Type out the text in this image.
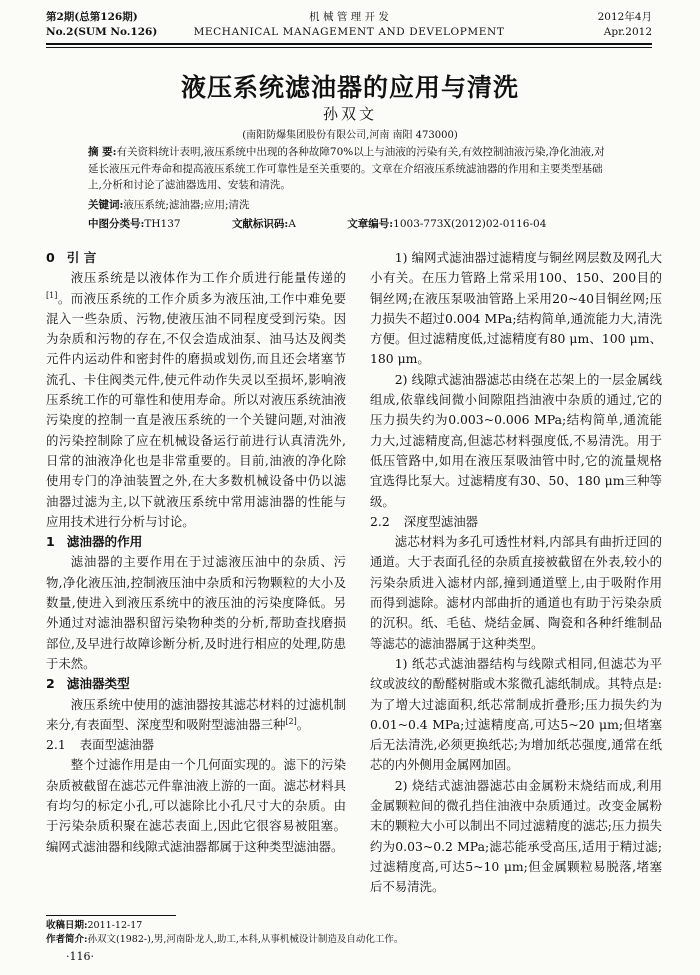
第2期(总第126期)
No.2(SUM No.126)
机 械 管 理 开 发
MECHANICAL MANAGEMENT AND DEVELOPMENT
2012年4月
Apr.2012
液压系统滤油器的应用与清洗
孙双文
(南阳防爆集团股份有限公司,河南 南阳 473000)
摘 要:有关资料统计表明,液压系统中出现的各种故障70%以上与油液的污染有关,有效控制油液污染,净化油液,对延长液压元件寿命和提高液压系统工作可靠性是至关重要的。文章在介绍液压系统滤油器的作用和主要类型基础上,分析和讨论了滤油器选用、安装和清洗。
关键词:液压系统;滤油器;应用;清洗
中图分类号:TH137	文献标识码:A	文章编号:1003-773X(2012)02-0116-04
0 引 言

液压系统是以液体作为工作介质进行能量传递的[1]。而液压系统的工作介质多为液压油,工作中难免要混入一些杂质、污物,使液压油不同程度受到污染。因为杂质和污物的存在,不仅会造成油泵、油马达及阀类元件内运动件和密封件的磨损或划伤,而且还会堵塞节流孔、卡住阀类元件,使元件动作失灵以至损坏,影响液压系统工作的可靠性和使用寿命。所以对液压系统油液污染度的控制一直是液压系统的一个关键问题,对油液的污染控制除了应在机械设备运行前进行认真清洗外,日常的油液净化也是非常重要的。目前,油液的净化除使用专门的净油装置之外,在大多数机械设备中仍以滤油器过滤为主,以下就液压系统中常用滤油器的性能与应用技术进行分析与讨论。

1 滤油器的作用

滤油器的主要作用在于过滤液压油中的杂质、污物,净化液压油,控制液压油中杂质和污物颗粒的大小及数量,使进入到液压系统中的液压油的污染度降低。另外通过对滤油器积留污染物种类的分析,帮助查找磨损部位,及早进行故障诊断分析,及时进行相应的处理,防患于未然。

2 滤油器类型

液压系统中使用的滤油器按其滤芯材料的过滤机制来分,有表面型、深度型和吸附型滤油器三种[2]。

2.1 表面型滤油器

整个过滤作用是由一个几何面实现的。滤下的污染杂质被截留在滤芯元件靠油液上游的一面。滤芯材料具有均匀的标定小孔,可以滤除比小孔尺寸大的杂质。由于污染杂质积聚在滤芯表面上,因此它很容易被阻塞。编网式滤油器和线隙式滤油器都属于这种类型滤油器。

1) 编网式滤油器过滤精度与铜丝网层数及网孔大小有关。在压力管路上常采用100、150、200目的铜丝网;在液压泵吸油管路上采用20~40目铜丝网;压力损失不超过0.004 MPa;结构简单,通流能力大,清洗方便。但过滤精度低,过滤精度有80 μm、100 μm、180 μm。

2) 线隙式滤油器滤芯由绕在芯架上的一层金属线组成,依靠线间微小间隙阻挡油液中杂质的通过,它的压力损失约为0.003~0.006 MPa;结构简单,通流能力大,过滤精度高,但滤芯材料强度低,不易清洗。用于低压管路中,如用在液压泵吸油管中时,它的流量规格宜选得比泵大。过滤精度有30、50、180 μm三种等级。

2.2 深度型滤油器

滤芯材料为多孔可透性材料,内部具有曲折迂回的通道。大于表面孔径的杂质直接被截留在外表,较小的污染杂质进入滤材内部,撞到通道壁上,由于吸附作用而得到滤除。滤材内部曲折的通道也有助于污染杂质的沉积。纸、毛毡、烧结金属、陶瓷和各种纤维制品等滤芯的滤油器属于这种类型。

1) 纸芯式滤油器结构与线隙式相同,但滤芯为平纹或波纹的酚醛树脂或木浆微孔滤纸制成。其特点是:为了增大过滤面积,纸芯常制成折叠形;压力损失约为0.01~0.4 MPa;过滤精度高,可达5~20 μm;但堵塞后无法清洗,必须更换纸芯;为增加纸芯强度,通常在纸芯的内外侧用金属网加固。

2) 烧结式滤油器滤芯由金属粉末烧结而成,利用金属颗粒间的微孔挡住油液中杂质通过。改变金属粉末的颗粒大小可以制出不同过滤精度的滤芯;压力损失约为0.03~0.2 MPa;滤芯能承受高压,适用于精过滤;过滤精度高,可达5~10 μm;但金属颗粒易脱落,堵塞后不易清洗。

收稿日期:2011-12-17
作者简介:孙双文(1982-),男,河南卧龙人,助工,本科,从事机械设计制造及自动化工作。
·116·
